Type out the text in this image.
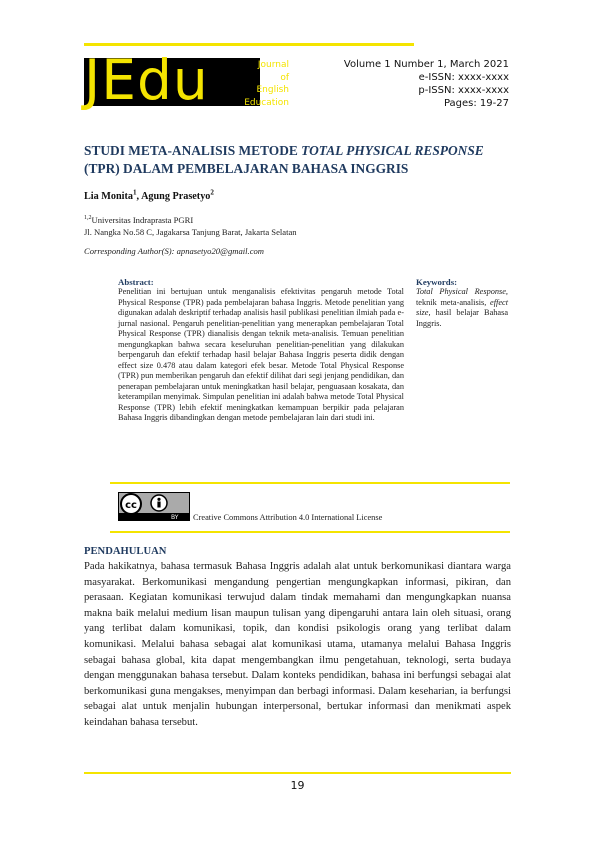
JEdu	Journal
of
English
Education
Volume 1 Number 1, March 2021
e-ISSN: xxxx-xxxx
p-ISSN: xxxx-xxxx
Pages: 19-27
STUDI META-ANALISIS METODE TOTAL PHYSICAL RESPONSE (TPR) DALAM PEMBELAJARAN BAHASA INGGRIS
Lia Monita$^1$, Agung Prasetyo$^2$
$^{1,2}$Universitas Indraprasta PGRI
Jl. Nangka No.58 C, Jagakarsa Tanjung Barat, Jakarta Selatan
Corresponding Author(S): apnasetyo20@gmail.com
Abstract:
Penelitian ini bertujuan untuk menganalisis efektivitas pengaruh metode Total Physical Response (TPR) pada pembelajaran bahasa Inggris. Metode penelitian yang digunakan adalah deskriptif terhadap analisis hasil publikasi penelitian ilmiah pada e-jurnal nasional. Pengaruh penelitian-penelitian yang menerapkan pembelajaran Total Physical Response (TPR) dianalisis dengan teknik meta-analisis. Temuan penelitian mengungkapkan bahwa secara keseluruhan penelitian-penelitian yang dilakukan berpengaruh dan efektif terhadap hasil belajar Bahasa Inggris peserta didik dengan effect size 0.478 atau dalam kategori efek besar. Metode Total Physical Response (TPR) pun memberikan pengaruh dan efektif dilihat dari segi jenjang pendidikan, dan penerapan pembelajaran untuk meningkatkan hasil belajar, penguasaan kosakata, dan keterampilan menyimak. Simpulan penelitian ini adalah bahwa metode Total Physical Response (TPR) lebih efektif meningkatkan kemampuan berpikir pada pelajaran Bahasa Inggris dibandingkan dengan metode pembelajaran lain dari studi ini.
Keywords:
Total Physical Response, teknik meta-analisis, effect size, hasil belajar Bahasa Inggris.
cc
BY Creative Commons Attribution 4.0 International License
PENDAHULUAN
Pada hakikatnya, bahasa termasuk Bahasa Inggris adalah alat untuk berkomunikasi diantara warga masyarakat. Berkomunikasi mengandung pengertian mengungkapkan informasi, pikiran, dan perasaan. Kegiatan komunikasi terwujud dalam tindak memahami dan mengungkapkan nuansa makna baik melalui medium lisan maupun tulisan yang dipengaruhi antara lain oleh situasi, orang yang terlibat dalam komunikasi, topik, dan kondisi psikologis orang yang terlibat dalam komunikasi. Melalui bahasa sebagai alat komunikasi utama, utamanya melalui Bahasa Inggris sebagai bahasa global, kita dapat mengembangkan ilmu pengetahuan, teknologi, serta budaya dengan menggunakan bahasa tersebut. Dalam konteks pendidikan, bahasa ini berfungsi sebagai alat berkomunikasi guna mengakses, menyimpan dan berbagi informasi. Dalam keseharian, ia berfungsi sebagai alat untuk menjalin hubungan interpersonal, bertukar informasi dan menikmati aspek keindahan bahasa tersebut.
19
